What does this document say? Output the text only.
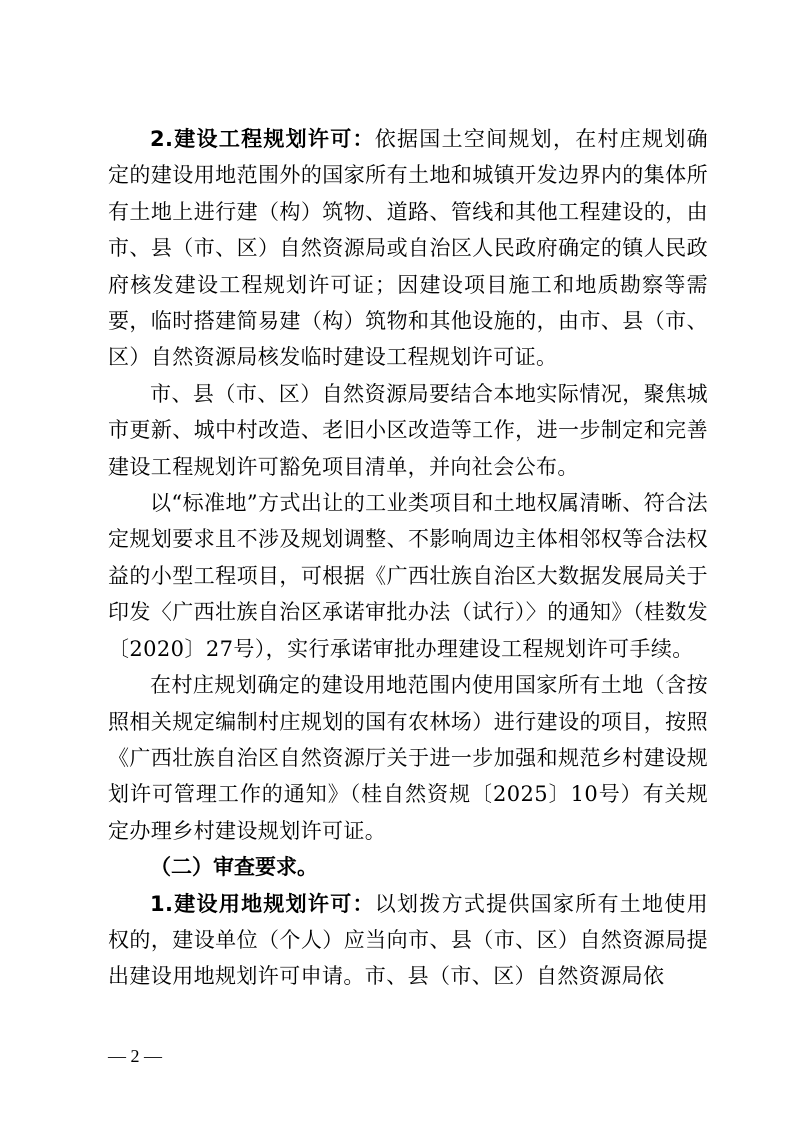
2.建设工程规划许可：依据国土空间规划，在村庄规划确定的建设用地范围外的国家所有土地和城镇开发边界内的集体所有土地上进行建（构）筑物、道路、管线和其他工程建设的，由市、县（市、区）自然资源局或自治区人民政府确定的镇人民政府核发建设工程规划许可证；因建设项目施工和地质勘察等需要，临时搭建简易建（构）筑物和其他设施的，由市、县（市、区）自然资源局核发临时建设工程规划许可证。

市、县（市、区）自然资源局要结合本地实际情况，聚焦城市更新、城中村改造、老旧小区改造等工作，进一步制定和完善建设工程规划许可豁免项目清单，并向社会公布。

以“标准地”方式出让的工业类项目和土地权属清晰、符合法定规划要求且不涉及规划调整、不影响周边主体相邻权等合法权益的小型工程项目，可根据《广西壮族自治区大数据发展局关于印发〈广西壮族自治区承诺审批办法（试行）〉的通知》（桂数发〔2020〕27号），实行承诺审批办理建设工程规划许可手续。

在村庄规划确定的建设用地范围内使用国家所有土地（含按照相关规定编制村庄规划的国有农林场）进行建设的项目，按照《广西壮族自治区自然资源厅关于进一步加强和规范乡村建设规划许可管理工作的通知》（桂自然资规〔2025〕10号）有关规定办理乡村建设规划许可证。

（二）审查要求。

1.建设用地规划许可：以划拨方式提供国家所有土地使用权的，建设单位（个人）应当向市、县（市、区）自然资源局提出建设用地规划许可申请。市、县（市、区）自然资源局依

— 2 —
